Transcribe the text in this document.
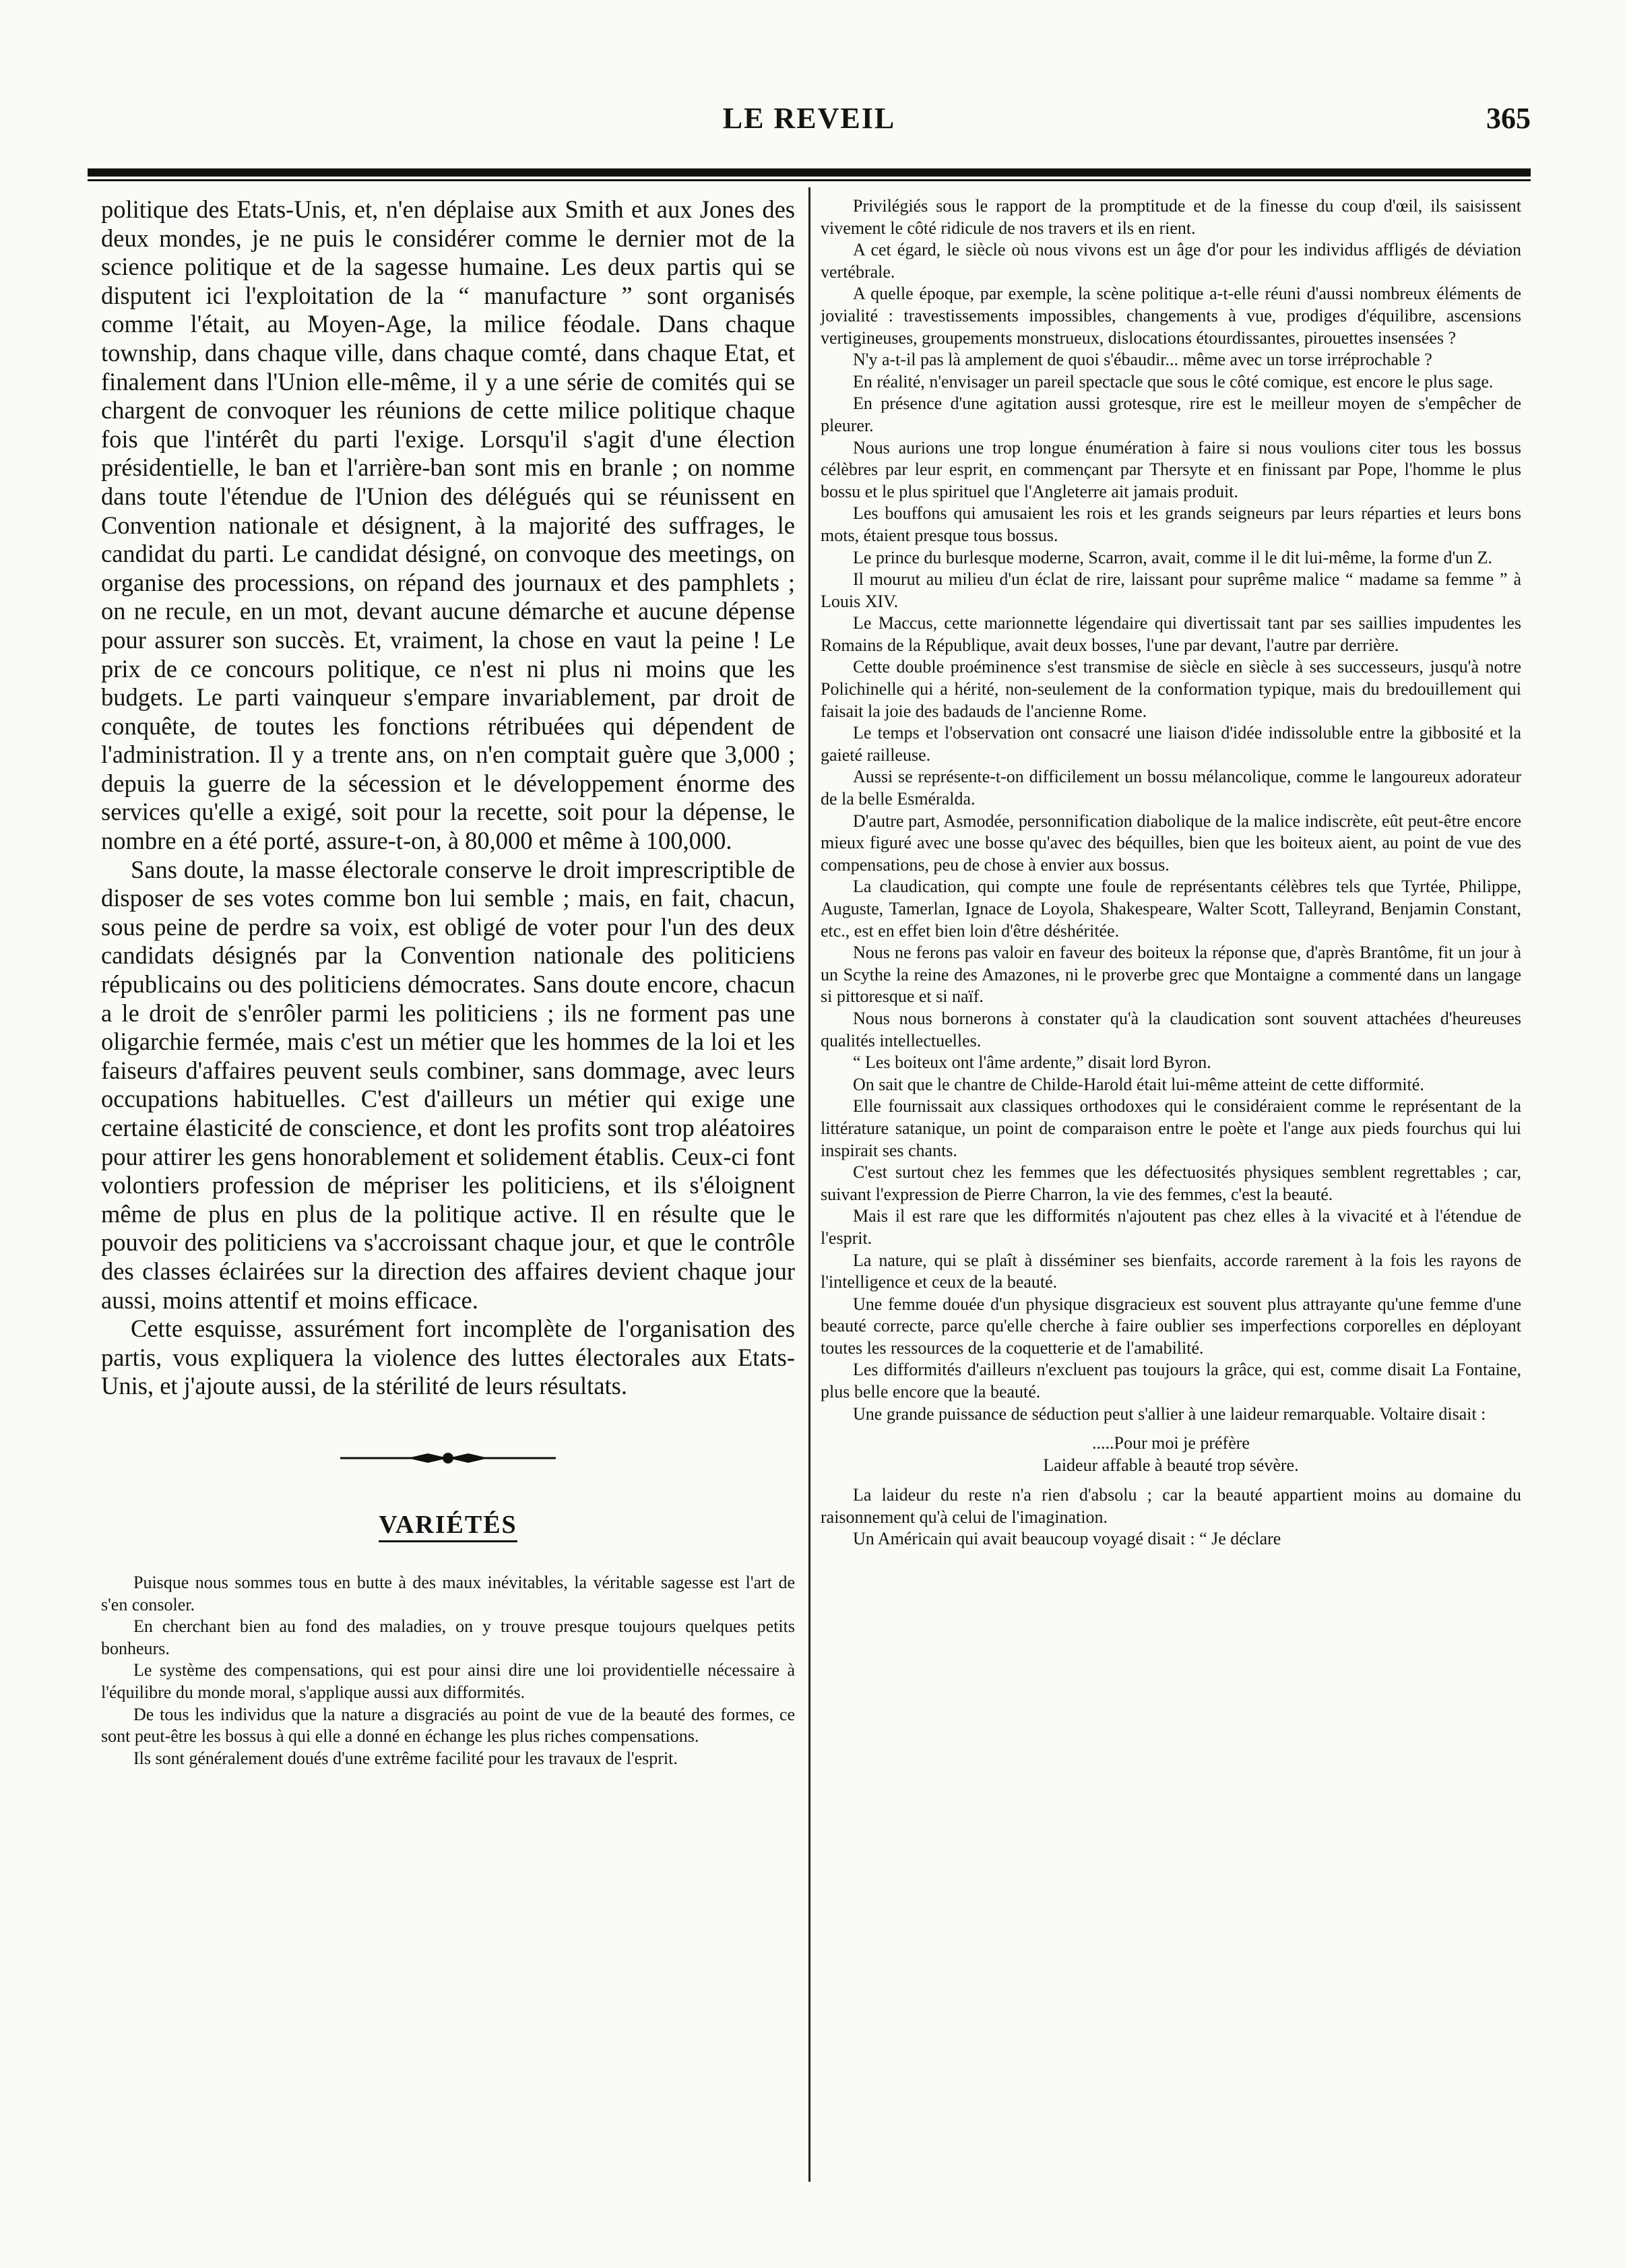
LE REVEIL	365

politique des Etats-Unis, et, n'en déplaise aux Smith et aux Jones des deux mondes, je ne puis le considérer comme le dernier mot de la science politique et de la sagesse humaine. Les deux partis qui se disputent ici l'exploitation de la “ manufacture ” sont organisés comme l'était, au Moyen-Age, la milice féodale. Dans chaque township, dans chaque ville, dans chaque comté, dans chaque Etat, et finalement dans l'Union elle-même, il y a une série de comités qui se chargent de convoquer les réunions de cette milice politique chaque fois que l'intérêt du parti l'exige. Lorsqu'il s'agit d'une élection présidentielle, le ban et l'arrière-ban sont mis en branle ; on nomme dans toute l'étendue de l'Union des délégués qui se réunissent en Convention nationale et désignent, à la majorité des suffrages, le candidat du parti. Le candidat désigné, on convoque des meetings, on organise des processions, on répand des journaux et des pamphlets ; on ne recule, en un mot, devant aucune démarche et aucune dépense pour assurer son succès. Et, vraiment, la chose en vaut la peine ! Le prix de ce concours politique, ce n'est ni plus ni moins que les budgets. Le parti vainqueur s'empare invariablement, par droit de conquête, de toutes les fonctions rétribuées qui dépendent de l'administration. Il y a trente ans, on n'en comptait guère que 3,000 ; depuis la guerre de la sécession et le développement énorme des services qu'elle a exigé, soit pour la recette, soit pour la dépense, le nombre en a été porté, assure-t-on, à 80,000 et même à 100,000.

Sans doute, la masse électorale conserve le droit imprescriptible de disposer de ses votes comme bon lui semble ; mais, en fait, chacun, sous peine de perdre sa voix, est obligé de voter pour l'un des deux candidats désignés par la Convention nationale des politiciens républicains ou des politiciens démocrates. Sans doute encore, chacun a le droit de s'enrôler parmi les politiciens ; ils ne forment pas une oligarchie fermée, mais c'est un métier que les hommes de la loi et les faiseurs d'affaires peuvent seuls combiner, sans dommage, avec leurs occupations habituelles. C'est d'ailleurs un métier qui exige une certaine élasticité de conscience, et dont les profits sont trop aléatoires pour attirer les gens honorablement et solidement établis. Ceux-ci font volontiers profession de mépriser les politiciens, et ils s'éloignent même de plus en plus de la politique active. Il en résulte que le pouvoir des politiciens va s'accroissant chaque jour, et que le contrôle des classes éclairées sur la direction des affaires devient chaque jour aussi, moins attentif et moins efficace.

Cette esquisse, assurément fort incomplète de l'organisation des partis, vous expliquera la violence des luttes électorales aux Etats-Unis, et j'ajoute aussi, de la stérilité de leurs résultats.

VARIÉTÉS

Puisque nous sommes tous en butte à des maux inévitables, la véritable sagesse est l'art de s'en consoler.

En cherchant bien au fond des maladies, on y trouve presque toujours quelques petits bonheurs.

Le système des compensations, qui est pour ainsi dire une loi providentielle nécessaire à l'équilibre du monde moral, s'applique aussi aux difformités.

De tous les individus que la nature a disgraciés au point de vue de la beauté des formes, ce sont peut-être les bossus à qui elle a donné en échange les plus riches compensations.

Ils sont généralement doués d'une extrême facilité pour les travaux de l'esprit.

Privilégiés sous le rapport de la promptitude et de la finesse du coup d'œil, ils saisissent vivement le côté ridicule de nos travers et ils en rient.

A cet égard, le siècle où nous vivons est un âge d'or pour les individus affligés de déviation vertébrale.

A quelle époque, par exemple, la scène politique a-t-elle réuni d'aussi nombreux éléments de jovialité : travestissements impossibles, changements à vue, prodiges d'équilibre, ascensions vertigineuses, groupements monstrueux, dislocations étourdissantes, pirouettes insensées ?

N'y a-t-il pas là amplement de quoi s'ébaudir... même avec un torse irréprochable ?

En réalité, n'envisager un pareil spectacle que sous le côté comique, est encore le plus sage.

En présence d'une agitation aussi grotesque, rire est le meilleur moyen de s'empêcher de pleurer.

Nous aurions une trop longue énumération à faire si nous voulions citer tous les bossus célèbres par leur esprit, en commençant par Thersyte et en finissant par Pope, l'homme le plus bossu et le plus spirituel que l'Angleterre ait jamais produit.

Les bouffons qui amusaient les rois et les grands seigneurs par leurs réparties et leurs bons mots, étaient presque tous bossus.

Le prince du burlesque moderne, Scarron, avait, comme il le dit lui-même, la forme d'un Z.

Il mourut au milieu d'un éclat de rire, laissant pour suprême malice “ madame sa femme ” à Louis XIV.

Le Maccus, cette marionnette légendaire qui divertissait tant par ses saillies impudentes les Romains de la République, avait deux bosses, l'une par devant, l'autre par derrière.

Cette double proéminence s'est transmise de siècle en siècle à ses successeurs, jusqu'à notre Polichinelle qui a hérité, non-seulement de la conformation typique, mais du bredouillement qui faisait la joie des badauds de l'ancienne Rome.

Le temps et l'observation ont consacré une liaison d'idée indissoluble entre la gibbosité et la gaieté railleuse.

Aussi se représente-t-on difficilement un bossu mélancolique, comme le langoureux adorateur de la belle Esméralda.

D'autre part, Asmodée, personnification diabolique de la malice indiscrète, eût peut-être encore mieux figuré avec une bosse qu'avec des béquilles, bien que les boiteux aient, au point de vue des compensations, peu de chose à envier aux bossus.

La claudication, qui compte une foule de représentants célèbres tels que Tyrtée, Philippe, Auguste, Tamerlan, Ignace de Loyola, Shakespeare, Walter Scott, Talleyrand, Benjamin Constant, etc., est en effet bien loin d'être déshéritée.

Nous ne ferons pas valoir en faveur des boiteux la réponse que, d'après Brantôme, fit un jour à un Scythe la reine des Amazones, ni le proverbe grec que Montaigne a commenté dans un langage si pittoresque et si naïf.

Nous nous bornerons à constater qu'à la claudication sont souvent attachées d'heureuses qualités intellectuelles.

“ Les boiteux ont l'âme ardente,” disait lord Byron.

On sait que le chantre de Childe-Harold était lui-même atteint de cette difformité.

Elle fournissait aux classiques orthodoxes qui le considéraient comme le représentant de la littérature satanique, un point de comparaison entre le poète et l'ange aux pieds fourchus qui lui inspirait ses chants.

C'est surtout chez les femmes que les défectuosités physiques semblent regrettables ; car, suivant l'expression de Pierre Charron, la vie des femmes, c'est la beauté.

Mais il est rare que les difformités n'ajoutent pas chez elles à la vivacité et à l'étendue de l'esprit.

La nature, qui se plaît à disséminer ses bienfaits, accorde rarement à la fois les rayons de l'intelligence et ceux de la beauté.

Une femme douée d'un physique disgracieux est souvent plus attrayante qu'une femme d'une beauté correcte, parce qu'elle cherche à faire oublier ses imperfections corporelles en déployant toutes les ressources de la coquetterie et de l'amabilité.

Les difformités d'ailleurs n'excluent pas toujours la grâce, qui est, comme disait La Fontaine, plus belle encore que la beauté.

Une grande puissance de séduction peut s'allier à une laideur remarquable. Voltaire disait :

.....Pour moi je préfère
Laideur affable à beauté trop sévère.

La laideur du reste n'a rien d'absolu ; car la beauté appartient moins au domaine du raisonnement qu'à celui de l'imagination.

Un Américain qui avait beaucoup voyagé disait : “ Je déclare
